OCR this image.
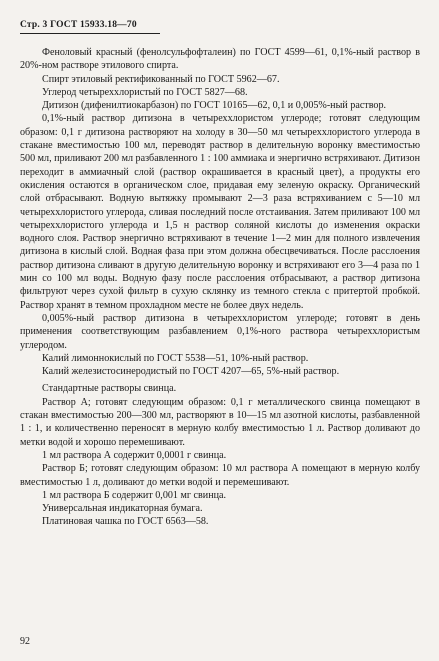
Стр. 3 ГОСТ 15933.18—70

Феноловый красный (фенолсульфофталеин) по ГОСТ 4599—61, 0,1%-ный раствор в 20%-ном растворе этилового спирта.

Спирт этиловый ректификованный по ГОСТ 5962—67.

Углерод четыреххлористый по ГОСТ 5827—68.

Дитизон (дифенилтиокарбазон) по ГОСТ 10165—62, 0,1 и 0,005%-ный раствор.

0,1%-ный раствор дитизона в четыреххлористом углероде; готовят следующим образом: 0,1 г дитизона растворяют на холоду в 30—50 мл четыреххлористого углерода в стакане вместимостью 100 мл, переводят раствор в делительную воронку вместимостью 500 мл, приливают 200 мл разбавленного 1 : 100 аммиака и энергично встряхивают. Дитизон переходит в аммиачный слой (раствор окрашивается в красный цвет), а продукты его окисления остаются в органическом слое, придавая ему зеленую окраску. Органический слой отбрасывают. Водную вытяжку промывают 2—3 раза встряхиванием с 5—10 мл четыреххлористого углерода, сливая последний после отстаивания. Затем приливают 100 мл четыреххлористого углерода и 1,5 н раствор соляной кислоты до изменения окраски водного слоя. Раствор энергично встряхивают в течение 1—2 мин для полного извлечения дитизона в кислый слой. Водная фаза при этом должна обесцвечиваться. После расслоения раствор дитизона сливают в другую делительную воронку и встряхивают его 3—4 раза по 1 мин со 100 мл воды. Водную фазу после расслоения отбрасывают, а раствор дитизона фильтруют через сухой фильтр в сухую склянку из темного стекла с притертой пробкой. Раствор хранят в темном прохладном месте не более двух недель.

0,005%-ный раствор дитизона в четыреххлористом углероде; готовят в день применения соответствующим разбавлением 0,1%-ного раствора четыреххлористым углеродом.

Калий лимоннокислый по ГОСТ 5538—51, 10%-ный раствор.

Калий железистосинеродистый по ГОСТ 4207—65, 5%-ный раствор.

Стандартные растворы свинца.

Раствор А; готовят следующим образом: 0,1 г металлического свинца помещают в стакан вместимостью 200—300 мл, растворяют в 10—15 мл азотной кислоты, разбавленной 1 : 1, и количественно переносят в мерную колбу вместимостью 1 л. Раствор доливают до метки водой и хорошо перемешивают.

1 мл раствора А содержит 0,0001 г свинца.

Раствор Б; готовят следующим образом: 10 мл раствора А помещают в мерную колбу вместимостью 1 л, доливают до метки водой и перемешивают.

1 мл раствора Б содержит 0,001 мг свинца.

Универсальная индикаторная бумага.

Платиновая чашка по ГОСТ 6563—58.

92
